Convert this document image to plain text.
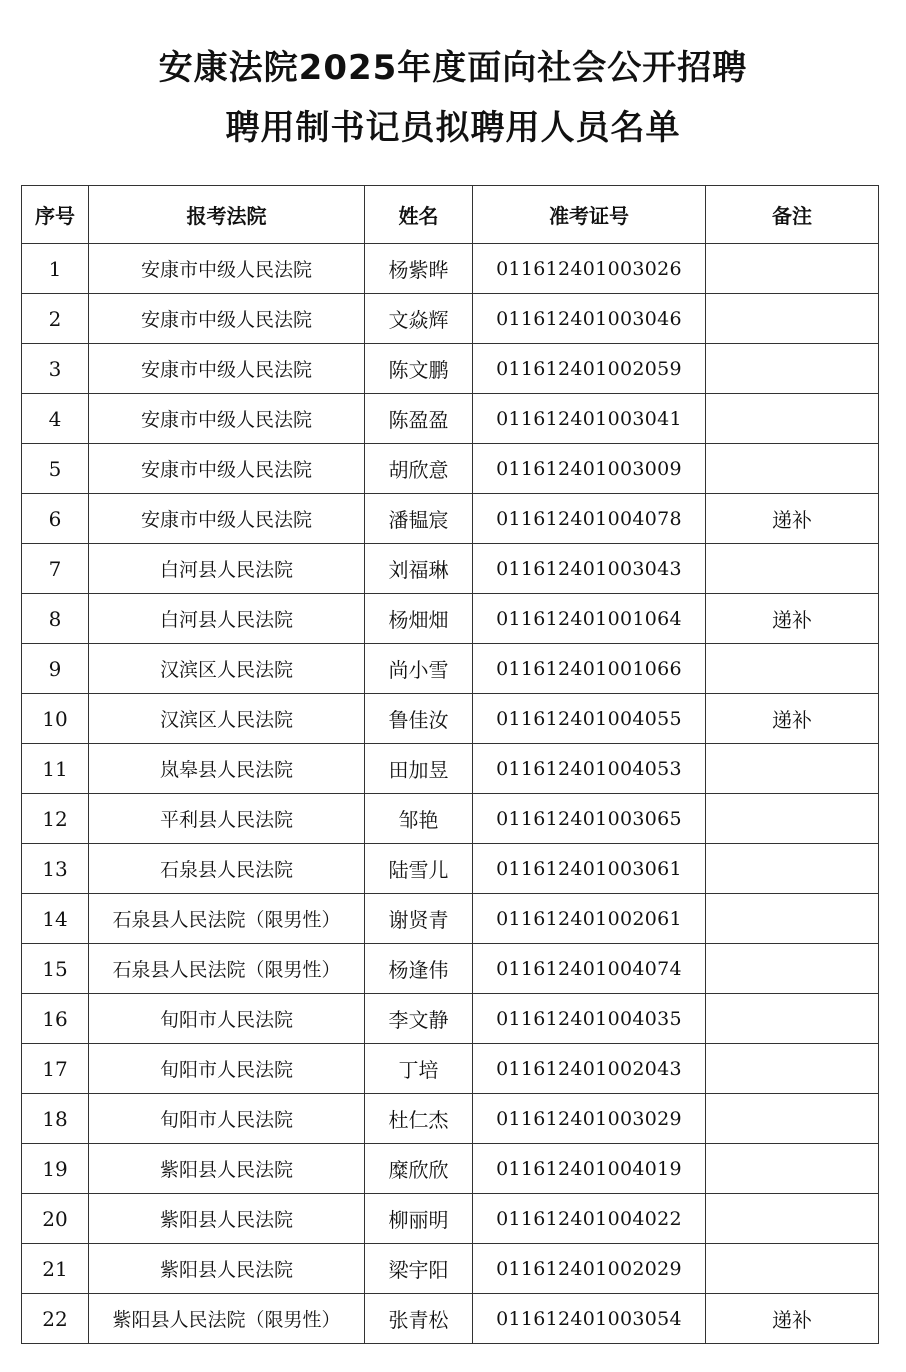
安康法院2025年度面向社会公开招聘
聘用制书记员拟聘用人员名单
序号	报考法院	姓名	准考证号	备注
1	安康市中级人民法院	杨紫晔	011612401003026	
2	安康市中级人民法院	文焱辉	011612401003046	
3	安康市中级人民法院	陈文鹏	011612401002059	
4	安康市中级人民法院	陈盈盈	011612401003041	
5	安康市中级人民法院	胡欣意	011612401003009	
6	安康市中级人民法院	潘韫宸	011612401004078	递补
7	白河县人民法院	刘福琳	011612401003043	
8	白河县人民法院	杨畑畑	011612401001064	递补
9	汉滨区人民法院	尚小雪	011612401001066	
10	汉滨区人民法院	鲁佳汝	011612401004055	递补
11	岚皋县人民法院	田加昱	011612401004053	
12	平利县人民法院	邹艳	011612401003065	
13	石泉县人民法院	陆雪儿	011612401003061	
14	石泉县人民法院（限男性）	谢贤青	011612401002061	
15	石泉县人民法院（限男性）	杨逢伟	011612401004074	
16	旬阳市人民法院	李文静	011612401004035	
17	旬阳市人民法院	丁培	011612401002043	
18	旬阳市人民法院	杜仁杰	011612401003029	
19	紫阳县人民法院	糜欣欣	011612401004019	
20	紫阳县人民法院	柳丽明	011612401004022	
21	紫阳县人民法院	梁宇阳	011612401002029	
22	紫阳县人民法院（限男性）	张青松	011612401003054	递补
